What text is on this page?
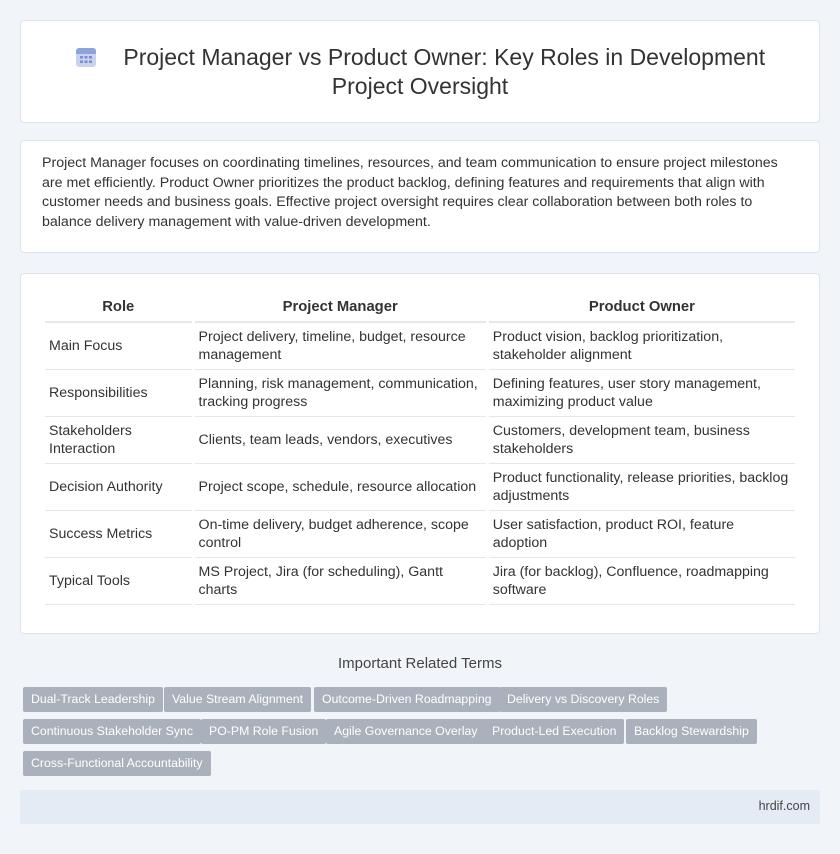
Project Manager vs Product Owner: Key Roles in Development Project Oversight

Project Manager focuses on coordinating timelines, resources, and team communication to ensure project milestones are met efficiently. Product Owner prioritizes the product backlog, defining features and requirements that align with customer needs and business goals. Effective project oversight requires clear collaboration between both roles to balance delivery management with value-driven development.

Role	Project Manager	Product Owner
Main Focus	Project delivery, timeline, budget, resource management	Product vision, backlog prioritization, stakeholder alignment
Responsibilities	Planning, risk management, communication, tracking progress	Defining features, user story management, maximizing product value
Stakeholders Interaction	Clients, team leads, vendors, executives	Customers, development team, business stakeholders
Decision Authority	Project scope, schedule, resource allocation	Product functionality, release priorities, backlog adjustments
Success Metrics	On-time delivery, budget adherence, scope control	User satisfaction, product ROI, feature adoption
Typical Tools	MS Project, Jira (for scheduling), Gantt charts	Jira (for backlog), Confluence, roadmapping software
Important Related Terms
Dual-Track Leadership	Value Stream Alignment	Outcome-Driven Roadmapping	Delivery vs Discovery Roles
Continuous Stakeholder Sync	PO-PM Role Fusion	Agile Governance Overlay	Product-Led Execution	Backlog Stewardship
Cross-Functional Accountability
hrdif.com
